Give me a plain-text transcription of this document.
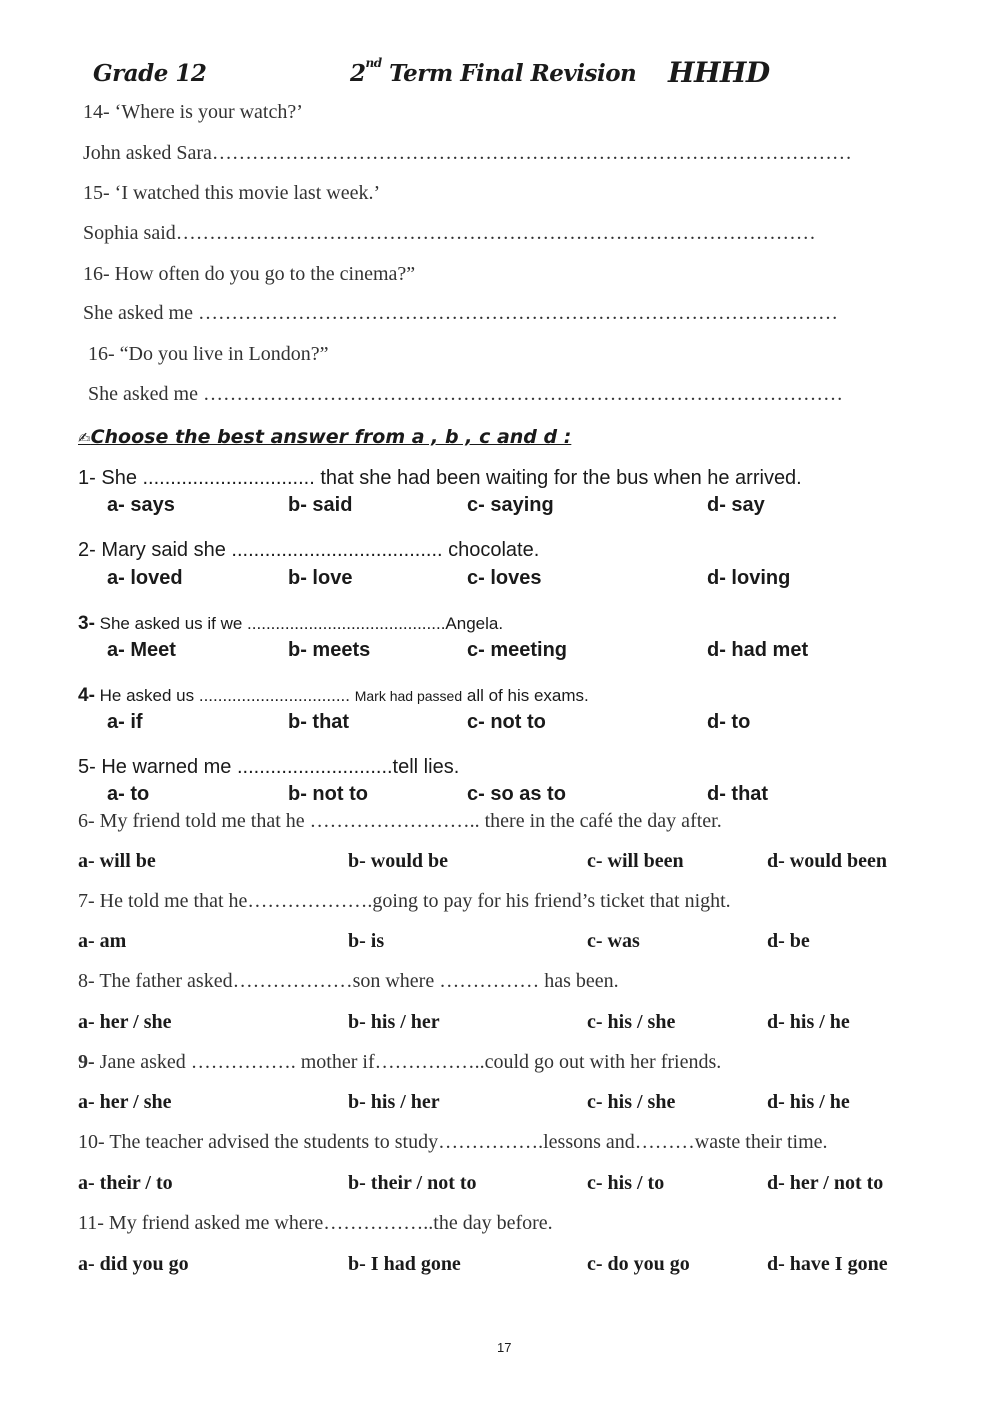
Grade 12	2nd Term Final Revision HHHD
14- ‘Where is your watch?’
John asked Sara……………………………………………………………………………………
15- ‘I watched this movie last week.’
Sophia said……………………………………………………………………………………
16- How often do you go to the cinema?”
She asked me ……………………………………………………………………………………
16- “Do you live in London?”
She asked me ……………………………………………………………………………………
✍Choose the best answer from a , b , c and d :
1- She ............................... that she had been waiting for the bus when he arrived.
a- says	b- said	c- saying	d- say
2- Mary said she ...................................... chocolate.
a- loved	b- love	c- loves	d- loving
3- She asked us if we ..........................................Angela.
a- Meet	b- meets	c- meeting	d- had met
4- He asked us ................................ Mark had passed all of his exams.
a- if	b- that	c- not to	d- to
5- He warned me ............................tell lies.
a- to	b- not to	c- so as to	d- that
6- My friend told me that he …………………….. there in the café the day after.
a- will be	b- would be	c- will been	d- would been
7- He told me that he……………….going to pay for his friend’s ticket that night.
a- am	b- is	c- was	d- be
8- The father asked………………son where …………… has been.
a- her / she	b- his / her	c- his / she	d- his / he
9- Jane asked ……………. mother if……………..could go out with her friends.
a- her / she	b- his / her	c- his / she	d- his / he
10- The teacher advised the students to study…………….lessons and………waste their time.
a- their / to	b- their / not to	c- his / to	d- her / not to
11- My friend asked me where……………..the day before.
a- did you go	b- I had gone	c- do you go	d- have I gone
17
